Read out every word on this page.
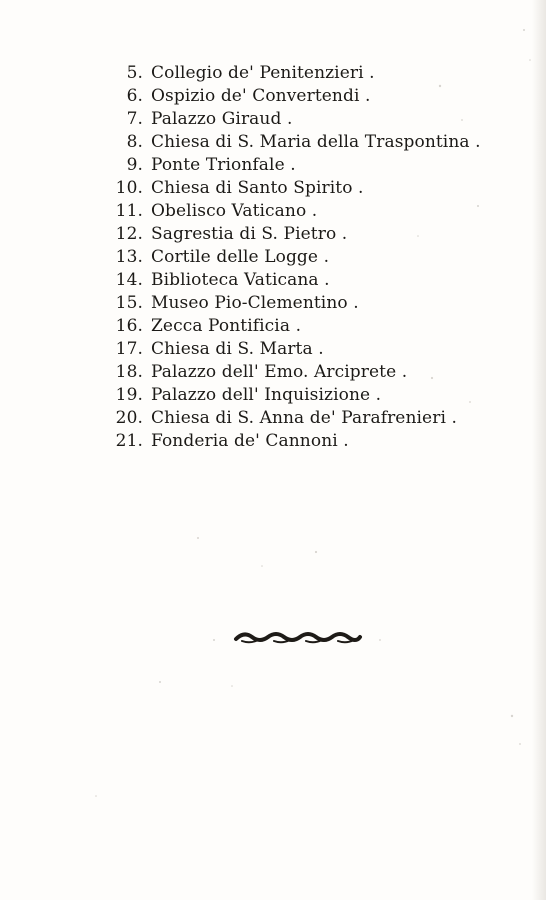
5. Collegio de' Penitenzieri .
6. Ospizio de' Convertendi .
7. Palazzo Giraud .
8. Chiesa di S. Maria della Traspontina .
9. Ponte Trionfale .
10. Chiesa di Santo Spirito .
11. Obelisco Vaticano .
12. Sagrestia di S. Pietro .
13. Cortile delle Logge .
14. Biblioteca Vaticana .
15. Museo Pio-Clementino .
16. Zecca Pontificia .
17. Chiesa di S. Marta .
18. Palazzo dell' Emo. Arciprete .
19. Palazzo dell' Inquisizione .
20. Chiesa di S. Anna de' Parafrenieri .
21. Fonderia de' Cannoni .
